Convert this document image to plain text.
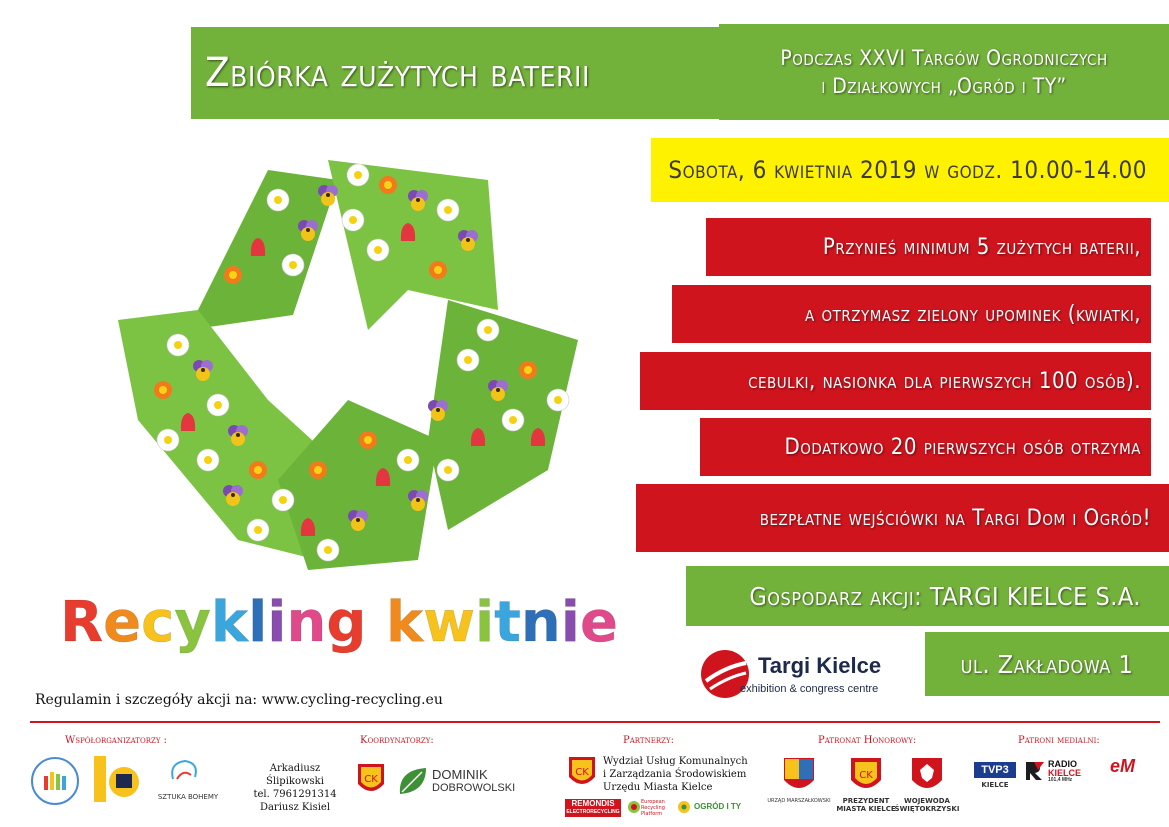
Zbiórka zużytych baterii	Podczas XXVI Targów Ogrodniczych
i Działkowych „Ogród i TY”
Sobota, 6 kwietnia 2019 w godz. 10.00-14.00
Przynieś minimum 5 zużytych baterii,
a otrzymasz zielony upominek (kwiatki,
cebulki, nasionka dla pierwszych 100 osób).
Dodatkowo 20 pierwszych osób otrzyma
bezpłatne wejściówki na Targi Dom i Ogród!
Gospodarz akcji: TARGI KIELCE S.A.
ul. Zakładowa 1
Targi Kielce
exhibition & congress centre
Recykling kwitnie
Regulamin i szczegóły akcji na: www.cycling-recycling.eu
Współorganizatorzy :	Koordynatorzy:	Partnerzy:	Patronat Honorowy:	Patroni medialni:
SZTUKA BOHEMY
Arkadiusz Ślipikowski
tel. 7961291314
Dariusz Kisiel
CK	DOMINIK
DOBROWOLSKI
CK
Wydział Usług Komunalnych
i Zarządzania Środowiskiem
Urzędu Miasta Kielce
REMONDIS
ELECTRORECYCLING
European Recycling Platform
OGRÓD I TY
URZĄD MARSZAŁKOWSKI
CK
PREZYDENT
MIASTA KIELCE
WOJEWODA
ŚWIĘTOKRZYSKI
TVP3
KIELCE
RADIO
KIELCE
101,4 MHz
eM
